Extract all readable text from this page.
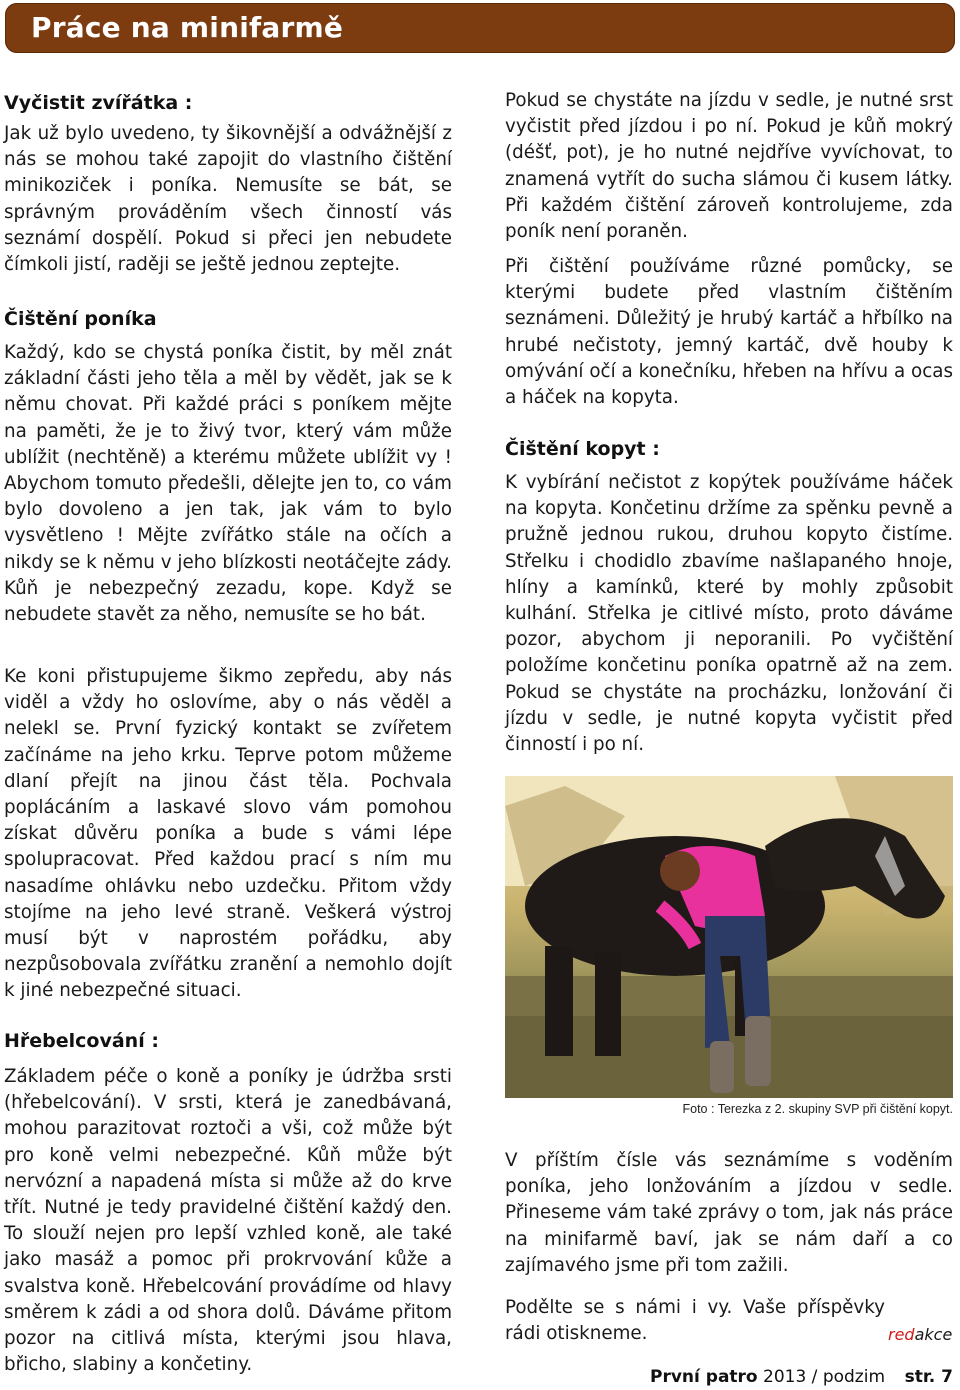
Práce na minifarmě
Vyčistit zvířátka :

Jak už bylo uvedeno, ty šikovnější a odvážnější z nás se mohou také zapojit do vlastního čištění minikoziček i poníka. Nemusíte se bát, se správným prováděním všech činností vás seznámí dospělí. Pokud si přeci jen nebudete čímkoli jistí, raději se ještě jednou zeptejte.

Čištění poníka

Každý, kdo se chystá poníka čistit, by měl znát základní části jeho těla a měl by vědět, jak se k němu chovat. Při každé práci s poníkem mějte na paměti, že je to živý tvor, který vám může ublížit (nechtěně) a kterému můžete ublížit vy ! Abychom tomuto předešli, dělejte jen to, co vám bylo dovoleno a jen tak, jak vám to bylo vysvětleno ! Mějte zvířátko stále na očích a nikdy se k němu v jeho blízkosti neotáčejte zády. Kůň je nebezpečný zezadu, kope. Když se nebudete stavět za něho, nemusíte se ho bát.

Ke koni přistupujeme šikmo zepředu, aby nás viděl a vždy ho oslovíme, aby o nás věděl a nelekl se. První fyzický kontakt se zvířetem začínáme na jeho krku. Teprve potom můžeme dlaní přejít na jinou část těla. Pochvala poplácáním a laskavé slovo vám pomohou získat důvěru poníka a bude s vámi lépe spolupracovat. Před každou prací s ním mu nasadíme ohlávku nebo uzdečku. Přitom vždy stojíme na jeho levé straně. Veškerá výstroj musí být v naprostém pořádku, aby nezpůsobovala zvířátku zranění a nemohlo dojít k jiné nebezpečné situaci.

Hřebelcování :

Základem péče o koně a poníky je údržba srsti (hřebelcování). V srsti, která je zanedbávaná, mohou parazitovat roztoči a vši, což může být pro koně velmi nebezpečné. Kůň může být nervózní a napadená místa si může až do krve třít. Nutné je tedy pravidelné čištění každý den. To slouží nejen pro lepší vzhled koně, ale také jako masáž a pomoc při prokrvování kůže a svalstva koně. Hřebelcování provádíme od hlavy směrem k zádi a od shora dolů. Dáváme přitom pozor na citlivá místa, kterými jsou hlava, břicho, slabiny a končetiny.

Pokud se chystáte na jízdu v sedle, je nutné srst vyčistit před jízdou i po ní. Pokud je kůň mokrý (déšť, pot), je ho nutné nejdříve vyvíchovat, to znamená vytřít do sucha slámou či kusem látky. Při každém čištění zároveň kontrolujeme, zda poník není poraněn.

Při čištění používáme různé pomůcky, se kterými budete před vlastním čištěním seznámeni. Důležitý je hrubý kartáč a hřbílko na hrubé nečistoty, jemný kartáč, dvě houby k omývání očí a konečníku, hřeben na hřívu a ocas a háček na kopyta.

Čištění kopyt :

K vybírání nečistot z kopýtek používáme háček na kopyta. Končetinu držíme za spěnku pevně a pružně jednou rukou, druhou kopyto čistíme. Střelku i chodidlo zbavíme našlapaného hnoje, hlíny a kamínků, které by mohly způsobit kulhání. Střelka je citlivé místo, proto dáváme pozor, abychom ji neporanili. Po vyčištění položíme končetinu poníka opatrně až na zem. Pokud se chystáte na procházku, lonžování či jízdu v sedle, je nutné kopyta vyčistit před činností i po ní.

V příštím čísle vás seznámíme s voděním poníka, jeho lonžováním a jízdou v sedle. Přineseme vám také zprávy o tom, jak nás práce na minifarmě baví, jak se nám daří a co zajímavého jsme při tom zažili.

Podělte se s námi i vy. Vaše příspěvky rádi otiskneme.

Foto : Terezka z 2. skupiny SVP při čištění kopyt.
redakce
První patro 2013 / podzim str. 7
